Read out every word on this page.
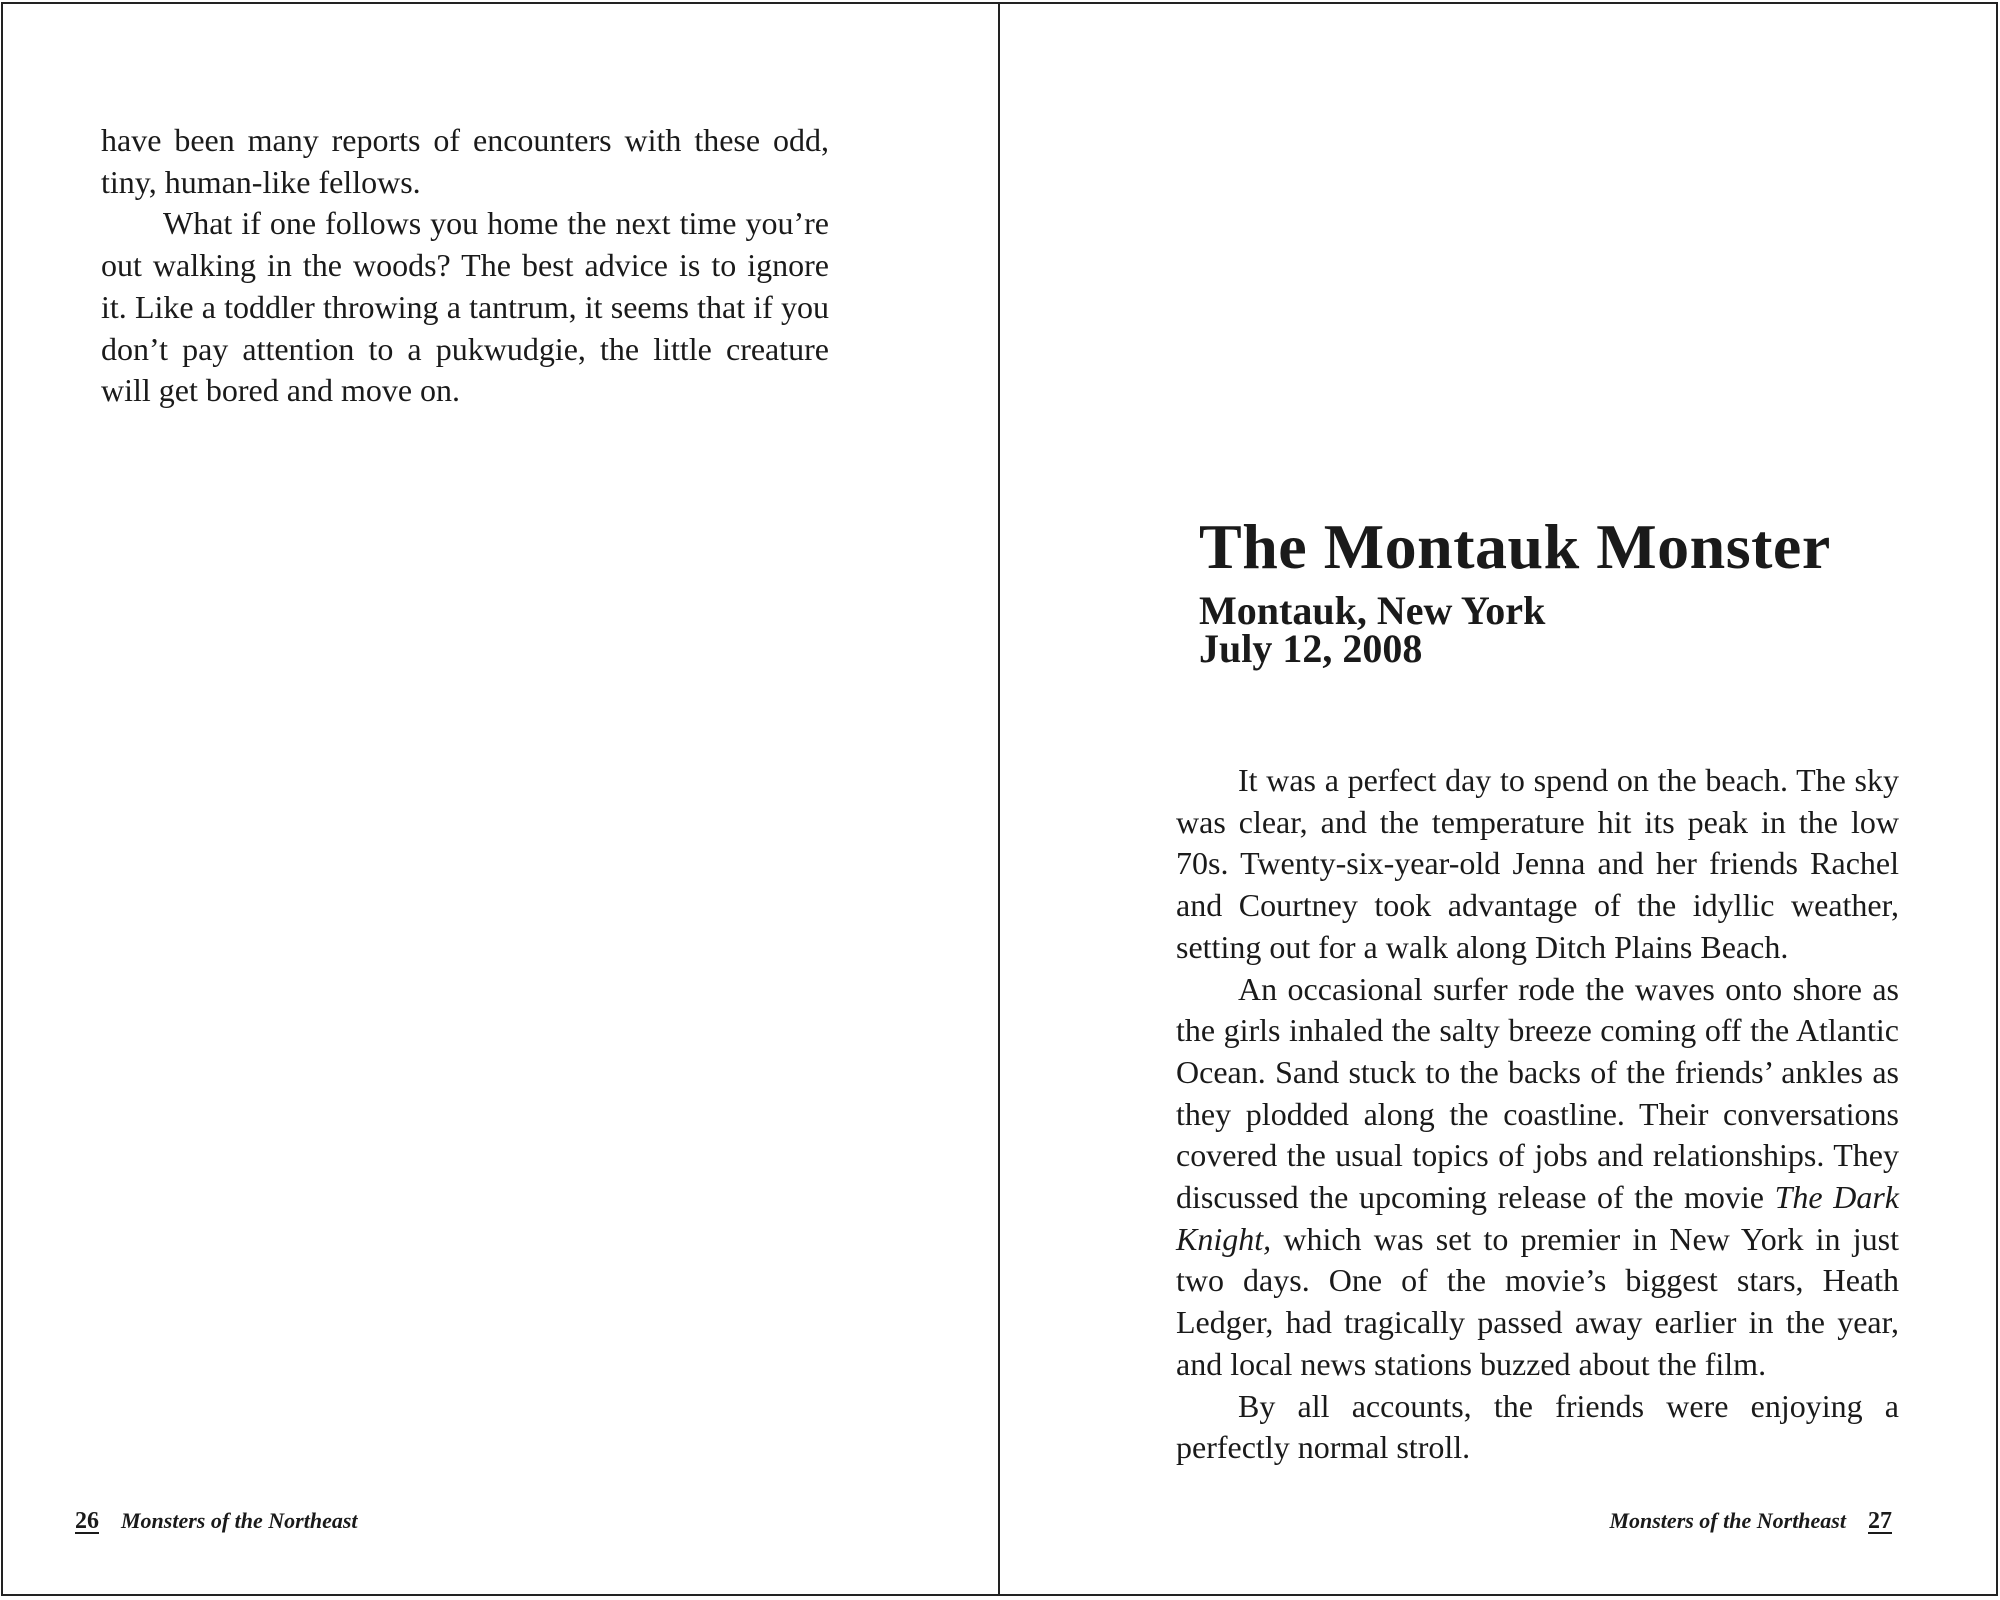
have been many reports of encounters with these odd, tiny, human-like fellows.

What if one follows you home the next time you’re out walking in the woods? The best advice is to ignore it. Like a toddler throwing a tantrum, it seems that if you don’t pay attention to a pukwudgie, the little creature will get bored and move on.

26 Monsters of the Northeast
The Montauk Monster
Montauk, New York
July 12, 2008

It was a perfect day to spend on the beach. The sky was clear, and the temperature hit its peak in the low 70s. Twenty-six-year-old Jenna and her friends Rachel and Courtney took advantage of the idyllic weather, setting out for a walk along Ditch Plains Beach.

An occasional surfer rode the waves onto shore as the girls inhaled the salty breeze coming off the Atlantic Ocean. Sand stuck to the backs of the friends’ ankles as they plodded along the coastline. Their conversations covered the usual topics of jobs and relationships. They discussed the upcoming release of the movie The Dark Knight, which was set to premier in New York in just two days. One of the movie’s biggest stars, Heath Ledger, had tragically passed away earlier in the year, and local news stations buzzed about the film.

By all accounts, the friends were enjoying a perfectly normal stroll.

Monsters of the Northeast 27
